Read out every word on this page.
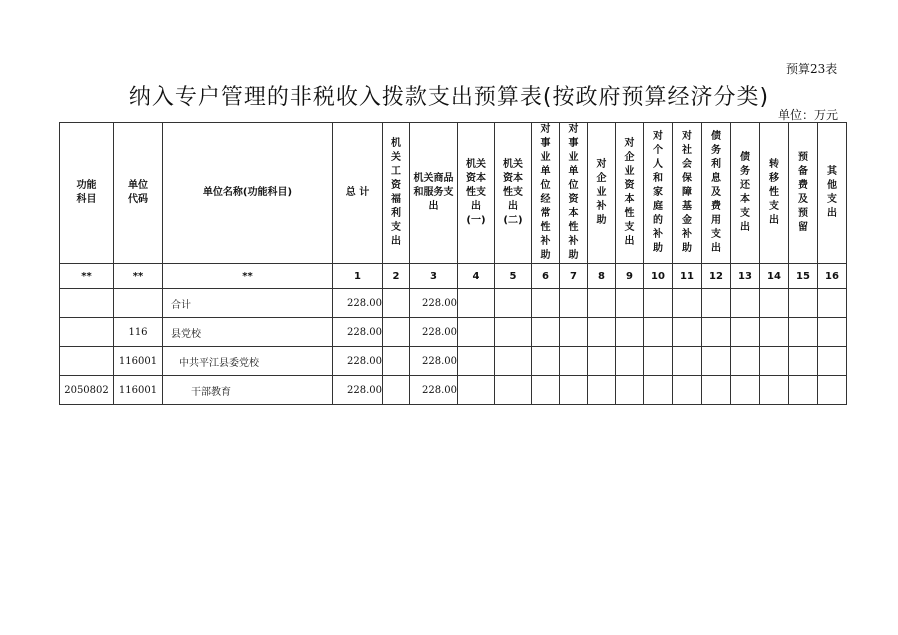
预算23表
纳入专户管理的非税收入拨款支出预算表(按政府预算经济分类)
单位：万元
功能科目	单位代码	单位名称(功能科目)	总 计	机关工资福利支出	机关商品和服务支出	机关资本性支出(一)	机关资本性支出(二)	对事业单位经常性补助	对事业单位资本性补助	对企业补助	对企业资本性支出	对个人和家庭的补助	对社会保障基金补助	债务利息及费用支出	债务还本支出	转移性支出	预备费及预留	其他支出

**	**	**	1	2	3	4	5	6	7	8	9	10	11	12	13	14	15	16
		合计	228.00		228.00													
	116	县党校	228.00		228.00													
	116001	中共平江县委党校	228.00		228.00													
2050802	116001	干部教育	228.00		228.00													
